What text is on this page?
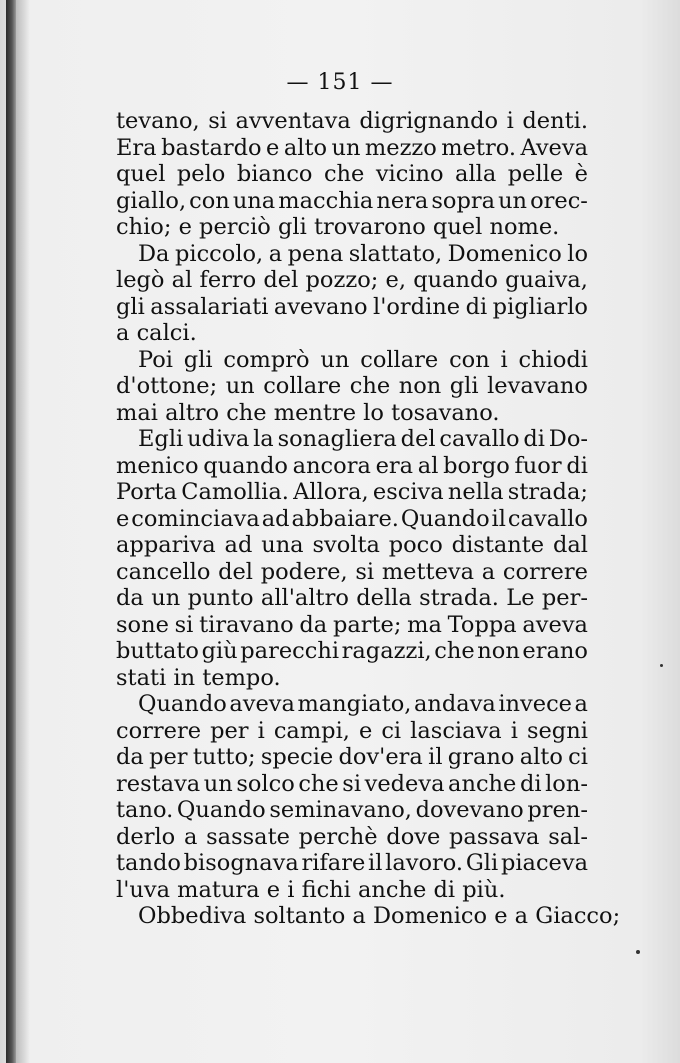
— 151 —
tevano, si avventava digrignando i denti.
Era bastardo e alto un mezzo metro. Aveva
quel pelo bianco che vicino alla pelle è
giallo, con una macchia nera sopra un orec-
chio; e perciò gli trovarono quel nome.
Da piccolo, a pena slattato, Domenico lo
legò al ferro del pozzo; e, quando guaiva,
gli assalariati avevano l'ordine di pigliarlo
a calci.
Poi gli comprò un collare con i chiodi
d'ottone; un collare che non gli levavano
mai altro che mentre lo tosavano.
Egli udiva la sonagliera del cavallo di Do-
menico quando ancora era al borgo fuor di
Porta Camollia. Allora, esciva nella strada;
e cominciava ad abbaiare. Quando il cavallo
appariva ad una svolta poco distante dal
cancello del podere, si metteva a correre
da un punto all'altro della strada. Le per-
sone si tiravano da parte; ma Toppa aveva
buttato giù parecchi ragazzi, che non erano
stati in tempo.
Quando aveva mangiato, andava invece a
correre per i campi, e ci lasciava i segni
da per tutto; specie dov'era il grano alto ci
restava un solco che si vedeva anche di lon-
tano. Quando seminavano, dovevano pren-
derlo a sassate perchè dove passava sal-
tando bisognava rifare il lavoro. Gli piaceva
l'uva matura e i fichi anche di più.
Obbediva soltanto a Domenico e a Giacco;
